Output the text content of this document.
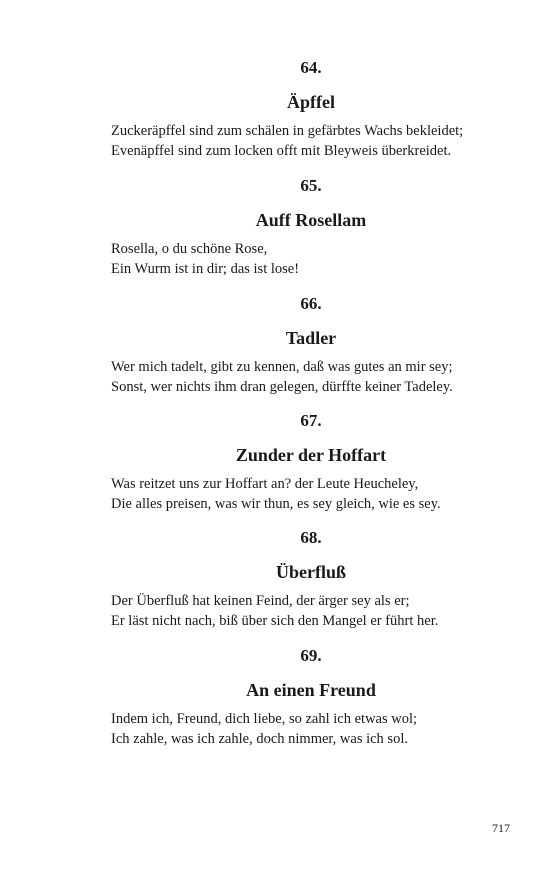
64.

Äpffel

Zuckeräpffel sind zum schälen in gefärbtes Wachs bekleidet;
Evenäpffel sind zum locken offt mit Bleyweis überkreidet.

65.

Auff Rosellam

Rosella, o du schöne Rose,
Ein Wurm ist in dir; das ist lose!

66.

Tadler

Wer mich tadelt, gibt zu kennen, daß was gutes an mir sey;
Sonst, wer nichts ihm dran gelegen, dürffte keiner Tadeley.

67.

Zunder der Hoffart

Was reitzet uns zur Hoffart an? der Leute Heucheley,
Die alles preisen, was wir thun, es sey gleich, wie es sey.

68.

Überfluß

Der Überfluß hat keinen Feind, der ärger sey als er;
Er läst nicht nach, biß über sich den Mangel er führt her.

69.

An einen Freund

Indem ich, Freund, dich liebe, so zahl ich etwas wol;
Ich zahle, was ich zahle, doch nimmer, was ich sol.

717
